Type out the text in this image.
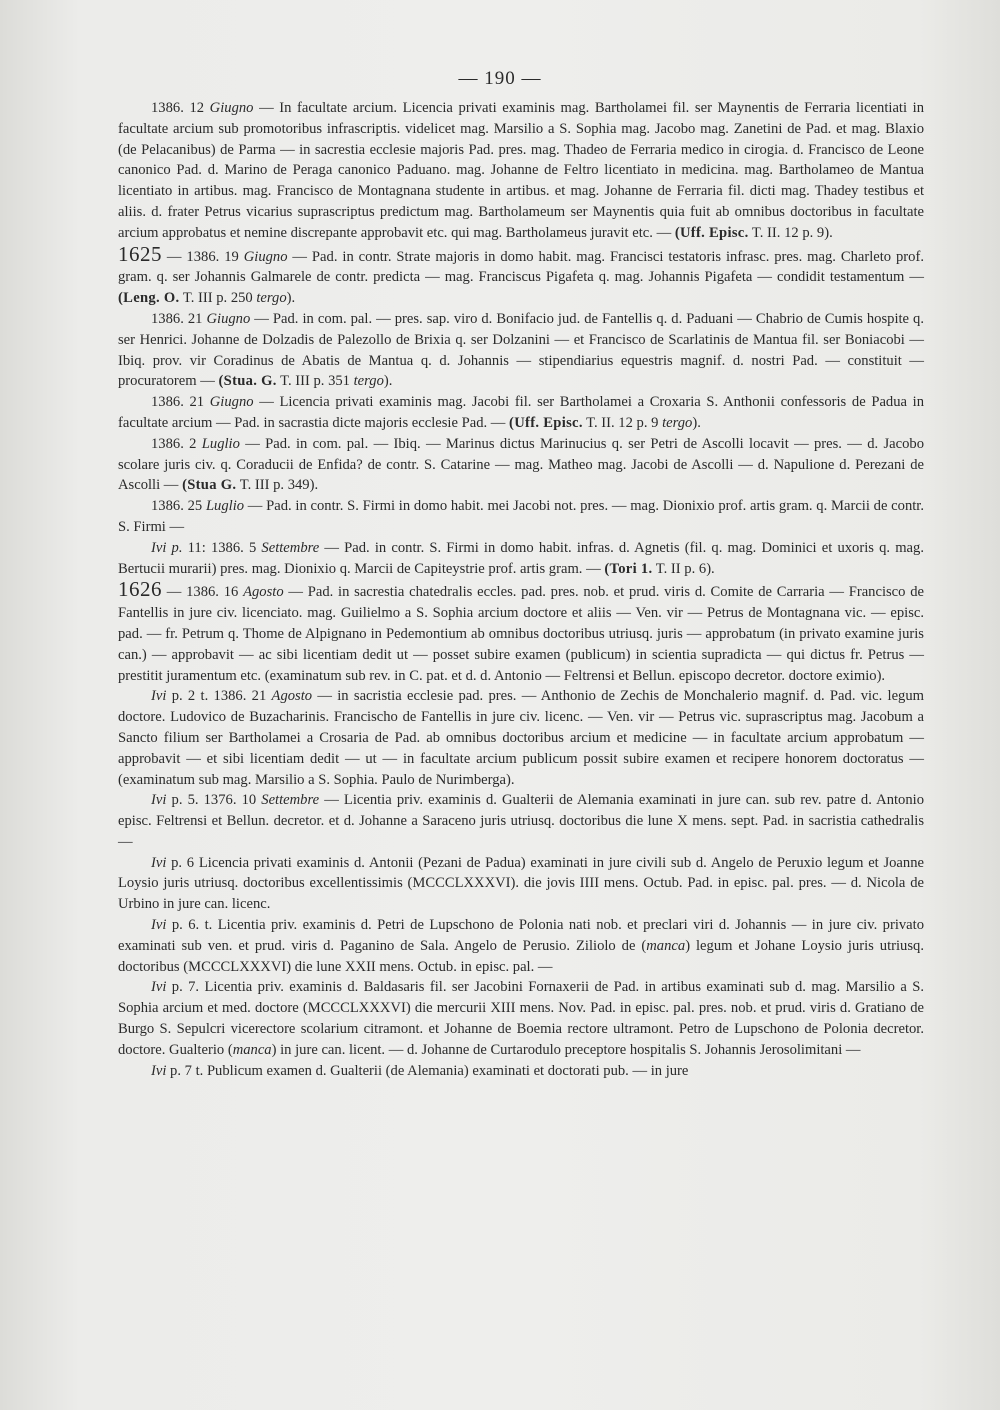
— 190 —

1386. 12 Giugno — In facultate arcium. Licencia privati examinis mag. Bartholamei fil. ser Maynentis de Ferraria licentiati in facultate arcium sub promotoribus infrascriptis. videlicet mag. Marsilio a S. Sophia mag. Jacobo mag. Zanetini de Pad. et mag. Blaxio (de Pelacanibus) de Parma — in sacrestia ecclesie majoris Pad. pres. mag. Thadeo de Ferraria medico in cirogia. d. Francisco de Leone canonico Pad. d. Marino de Peraga canonico Paduano. mag. Johanne de Feltro licentiato in medicina. mag. Bartholameo de Mantua licentiato in artibus. mag. Francisco de Montagnana studente in artibus. et mag. Johanne de Ferraria fil. dicti mag. Thadey testibus et aliis. d. frater Petrus vicarius suprascriptus predictum mag. Bartholameum ser Maynentis quia fuit ab omnibus doctoribus in facultate arcium approbatus et nemine discrepante approbavit etc. qui mag. Bartholameus juravit etc. — (Uff. Episc. T. II. 12 p. 9).

1625 — 1386. 19 Giugno — Pad. in contr. Strate majoris in domo habit. mag. Francisci testatoris infrasc. pres. mag. Charleto prof. gram. q. ser Johannis Galmarele de contr. predicta — mag. Franciscus Pigafeta q. mag. Johannis Pigafeta — condidit testamentum — (Leng. O. T. III p. 250 tergo).

1386. 21 Giugno — Pad. in com. pal. — pres. sap. viro d. Bonifacio jud. de Fantellis q. d. Paduani — Chabrio de Cumis hospite q. ser Henrici. Johanne de Dolzadis de Palezollo de Brixia q. ser Dolzanini — et Francisco de Scarlatinis de Mantua fil. ser Boniacobi — Ibiq. prov. vir Coradinus de Abatis de Mantua q. d. Johannis — stipendiarius equestris magnif. d. nostri Pad. — constituit — procuratorem — (Stua. G. T. III p. 351 tergo).

1386. 21 Giugno — Licencia privati examinis mag. Jacobi fil. ser Bartholamei a Croxaria S. Anthonii confessoris de Padua in facultate arcium — Pad. in sacrastia dicte majoris ecclesie Pad. — (Uff. Episc. T. II. 12 p. 9 tergo).

1386. 2 Luglio — Pad. in com. pal. — Ibiq. — Marinus dictus Marinucius q. ser Petri de Ascolli locavit — pres. — d. Jacobo scolare juris civ. q. Coraducii de Enfida? de contr. S. Catarine — mag. Matheo mag. Jacobi de Ascolli — d. Napulione d. Perezani de Ascolli — (Stua G. T. III p. 349).

1386. 25 Luglio — Pad. in contr. S. Firmi in domo habit. mei Jacobi not. pres. — mag. Dionixio prof. artis gram. q. Marcii de contr. S. Firmi —

Ivi p. 11: 1386. 5 Settembre — Pad. in contr. S. Firmi in domo habit. infras. d. Agnetis (fil. q. mag. Dominici et uxoris q. mag. Bertucii murarii) pres. mag. Dionixio q. Marcii de Capiteystrie prof. artis gram. — (Tori 1. T. II p. 6).

1626 — 1386. 16 Agosto — Pad. in sacrestia chatedralis eccles. pad. pres. nob. et prud. viris d. Comite de Carraria — Francisco de Fantellis in jure civ. licenciato. mag. Guilielmo a S. Sophia arcium doctore et aliis — Ven. vir — Petrus de Montagnana vic. — episc. pad. — fr. Petrum q. Thome de Alpignano in Pedemontium ab omnibus doctoribus utriusq. juris — approbatum (in privato examine juris can.) — approbavit — ac sibi licentiam dedit ut — posset subire examen (publicum) in scientia supradicta — qui dictus fr. Petrus — prestitit juramentum etc. (examinatum sub rev. in C. pat. et d. d. Antonio — Feltrensi et Bellun. episcopo decretor. doctore eximio).

Ivi p. 2 t. 1386. 21 Agosto — in sacristia ecclesie pad. pres. — Anthonio de Zechis de Monchalerio magnif. d. Pad. vic. legum doctore. Ludovico de Buzacharinis. Francischo de Fantellis in jure civ. licenc. — Ven. vir — Petrus vic. suprascriptus mag. Jacobum a Sancto filium ser Bartholamei a Crosaria de Pad. ab omnibus doctoribus arcium et medicine — in facultate arcium approbatum — approbavit — et sibi licentiam dedit — ut — in facultate arcium publicum possit subire examen et recipere honorem doctoratus — (examinatum sub mag. Marsilio a S. Sophia. Paulo de Nurimberga).

Ivi p. 5. 1376. 10 Settembre — Licentia priv. examinis d. Gualterii de Alemania examinati in jure can. sub rev. patre d. Antonio episc. Feltrensi et Bellun. decretor. et d. Johanne a Saraceno juris utriusq. doctoribus die lune X mens. sept. Pad. in sacristia cathedralis —

Ivi p. 6 Licencia privati examinis d. Antonii (Pezani de Padua) examinati in jure civili sub d. Angelo de Peruxio legum et Joanne Loysio juris utriusq. doctoribus excellentissimis (MCCCLXXXVI). die jovis IIII mens. Octub. Pad. in episc. pal. pres. — d. Nicola de Urbino in jure can. licenc.

Ivi p. 6. t. Licentia priv. examinis d. Petri de Lupschono de Polonia nati nob. et preclari viri d. Johannis — in jure civ. privato examinati sub ven. et prud. viris d. Paganino de Sala. Angelo de Perusio. Ziliolo de (manca) legum et Johane Loysio juris utriusq. doctoribus (MCCCLXXXVI) die lune XXII mens. Octub. in episc. pal. —

Ivi p. 7. Licentia priv. examinis d. Baldasaris fil. ser Jacobini Fornaxerii de Pad. in artibus examinati sub d. mag. Marsilio a S. Sophia arcium et med. doctore (MCCCLXXXVI) die mercurii XIII mens. Nov. Pad. in episc. pal. pres. nob. et prud. viris d. Gratiano de Burgo S. Sepulcri vicerectore scolarium citramont. et Johanne de Boemia rectore ultramont. Petro de Lupschono de Polonia decretor. doctore. Gualterio (manca) in jure can. licent. — d. Johanne de Curtarodulo preceptore hospitalis S. Johannis Jerosolimitani —

Ivi p. 7 t. Publicum examen d. Gualterii (de Alemania) examinati et doctorati pub. — in jure
